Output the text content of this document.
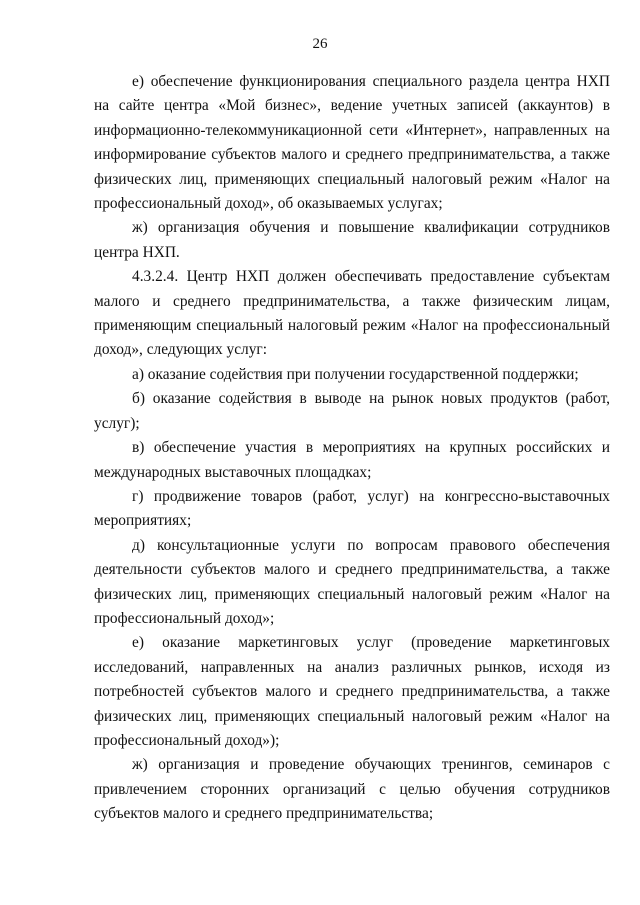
26

е) обеспечение функционирования специального раздела центра НХП на сайте центра «Мой бизнес», ведение учетных записей (аккаунтов) в информационно-телекоммуникационной сети «Интернет», направленных на информирование субъектов малого и среднего предпринимательства, а также физических лиц, применяющих специальный налоговый режим «Налог на профессиональный доход», об оказываемых услугах;

ж) организация обучения и повышение квалификации сотрудников центра НХП.

4.3.2.4. Центр НХП должен обеспечивать предоставление субъектам малого и среднего предпринимательства, а также физическим лицам, применяющим специальный налоговый режим «Налог на профессиональный доход», следующих услуг:

а) оказание содействия при получении государственной поддержки;

б) оказание содействия в выводе на рынок новых продуктов (работ, услуг);

в) обеспечение участия в мероприятиях на крупных российских и международных выставочных площадках;

г) продвижение товаров (работ, услуг) на конгрессно-выставочных мероприятиях;

д) консультационные услуги по вопросам правового обеспечения деятельности субъектов малого и среднего предпринимательства, а также физических лиц, применяющих специальный налоговый режим «Налог на профессиональный доход»;

е) оказание маркетинговых услуг (проведение маркетинговых исследований, направленных на анализ различных рынков, исходя из потребностей субъектов малого и среднего предпринимательства, а также физических лиц, применяющих специальный налоговый режим «Налог на профессиональный доход»);

ж) организация и проведение обучающих тренингов, семинаров с привлечением сторонних организаций с целью обучения сотрудников субъектов малого и среднего предпринимательства;
